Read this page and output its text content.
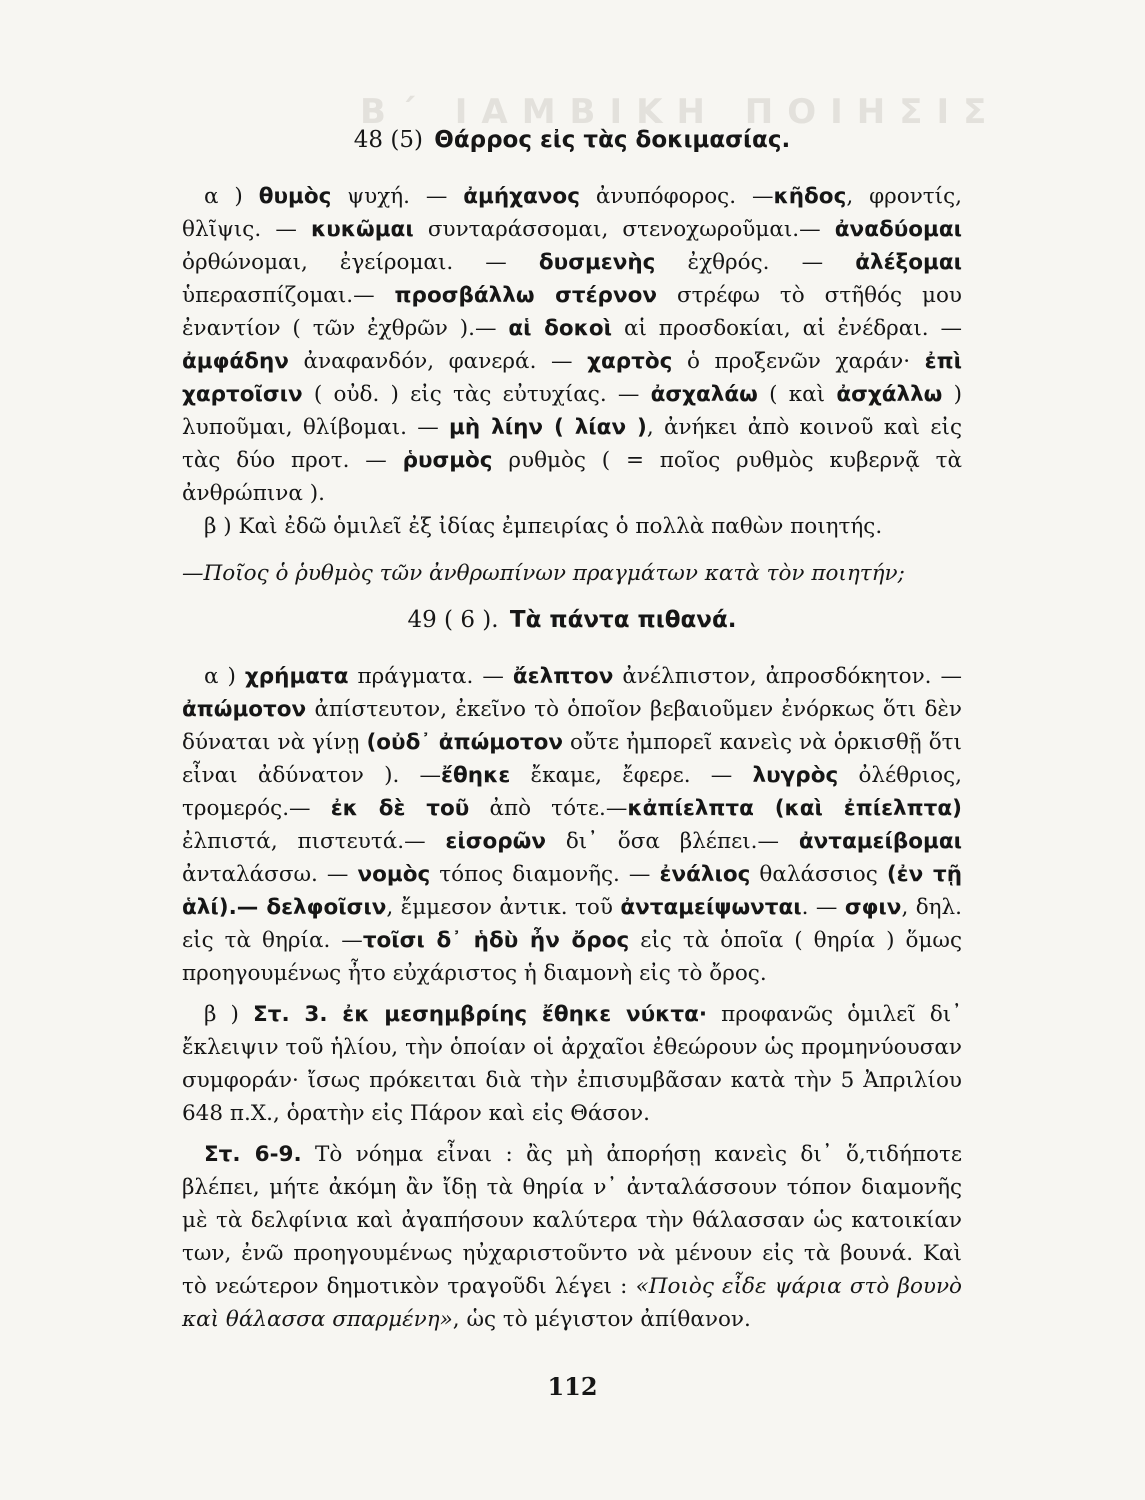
Β΄ ΙΑΜΒΙΚΗ ΠΟΙΗΣΙΣ
48 (5) Θάρρος εἰς τὰς δοκιμασίας.

α ) θυμὸς ψυχή. — ἀμήχανος ἀνυπόφορος. —κῆδος, φροντίς, θλῖψις. — κυκῶμαι συνταράσσομαι, στενοχωροῦμαι.— ἀναδύομαι ὀρθώνομαι, ἐγείρομαι. — δυσμενὴς ἐχθρός. — ἀλέξομαι ὑπερασπίζομαι.— προσβάλλω στέρνον στρέφω τὸ στῆθός μου ἐναντίον ( τῶν ἐχθρῶν ).— αἱ δοκοὶ αἱ προσδοκίαι, αἱ ἐνέδραι. — ἀμφάδην ἀναφανδόν, φανερά. — χαρτὸς ὁ προξενῶν χαράν· ἐπὶ χαρτοῖσιν ( οὐδ. ) εἰς τὰς εὐτυχίας. — ἀσχαλάω ( καὶ ἀσχάλλω ) λυποῦμαι, θλίβομαι. — μὴ λίην ( λίαν ), ἀνήκει ἀπὸ κοινοῦ καὶ εἰς τὰς δύο προτ. — ῥυσμὸς ρυθμὸς ( = ποῖος ρυθμὸς κυβερνᾷ τὰ ἀνθρώπινα ).

β ) Καὶ ἐδῶ ὁμιλεῖ ἐξ ἰδίας ἐμπειρίας ὁ πολλὰ παθὼν ποιητής.

—Ποῖος ὁ ῥυθμὸς τῶν ἀνθρωπίνων πραγμάτων κατὰ τὸν ποιητήν;

49 ( 6 ). Τὰ πάντα πιθανά.

α ) χρήματα πράγματα. — ἄελπτον ἀνέλπιστον, ἀπροσδόκητον. — ἀπώμοτον ἀπίστευτον, ἐκεῖνο τὸ ὁποῖον βεβαιοῦμεν ἐνόρκως ὅτι δὲν δύναται νὰ γίνῃ (οὐδ᾽ ἀπώμοτον οὔτε ἠμπορεῖ κανεὶς νὰ ὁρκισθῇ ὅτι εἶναι ἀδύνατον ). —ἔθηκε ἔκαμε, ἔφερε. — λυγρὸς ὀλέθριος, τρομερός.— ἐκ δὲ τοῦ ἀπὸ τότε.—κἀπίελπτα (καὶ ἐπίελπτα) ἐλπιστά, πιστευτά.— εἰσορῶν δι᾽ ὅσα βλέπει.— ἀνταμείβομαι ἀνταλάσσω. — νομὸς τόπος διαμονῆς. — ἐνάλιος θαλάσσιος (ἐν τῇ ἁλί).— δελφοῖσιν, ἔμμεσον ἀντικ. τοῦ ἀνταμείψωνται. — σφιν, δηλ. εἰς τὰ θηρία. —τοῖσι δ᾽ ἡδὺ ἦν ὄρος εἰς τὰ ὁποῖα ( θηρία ) ὅμως προηγουμένως ἦτο εὐχάριστος ἡ διαμονὴ εἰς τὸ ὄρος.

β ) Στ. 3. ἐκ μεσημβρίης ἔθηκε νύκτα· προφανῶς ὁμιλεῖ δι᾽ ἔκλειψιν τοῦ ἡλίου, τὴν ὁποίαν οἱ ἀρχαῖοι ἐθεώρουν ὡς προμηνύουσαν συμφοράν· ἴσως πρόκειται διὰ τὴν ἐπισυμβᾶσαν κατὰ τὴν 5 Ἀπριλίου 648 π.Χ., ὁρατὴν εἰς Πάρον καὶ εἰς Θάσον.

Στ. 6-9. Τὸ νόημα εἶναι : ἂς μὴ ἀπορήσῃ κανεὶς δι᾽ ὅ,τιδήποτε βλέπει, μήτε ἀκόμη ἂν ἴδῃ τὰ θηρία ν᾽ ἀνταλάσσουν τόπον διαμονῆς μὲ τὰ δελφίνια καὶ ἀγαπήσουν καλύτερα τὴν θάλασσαν ὡς κατοικίαν των, ἐνῶ προηγουμένως ηὐχαριστοῦντο νὰ μένουν εἰς τὰ βουνά. Καὶ τὸ νεώτερον δημοτικὸν τραγοῦδι λέγει : «Ποιὸς εἶδε ψάρια στὸ βουνὸ καὶ θάλασσα σπαρμένη», ὡς τὸ μέγιστον ἀπίθανον.

112
